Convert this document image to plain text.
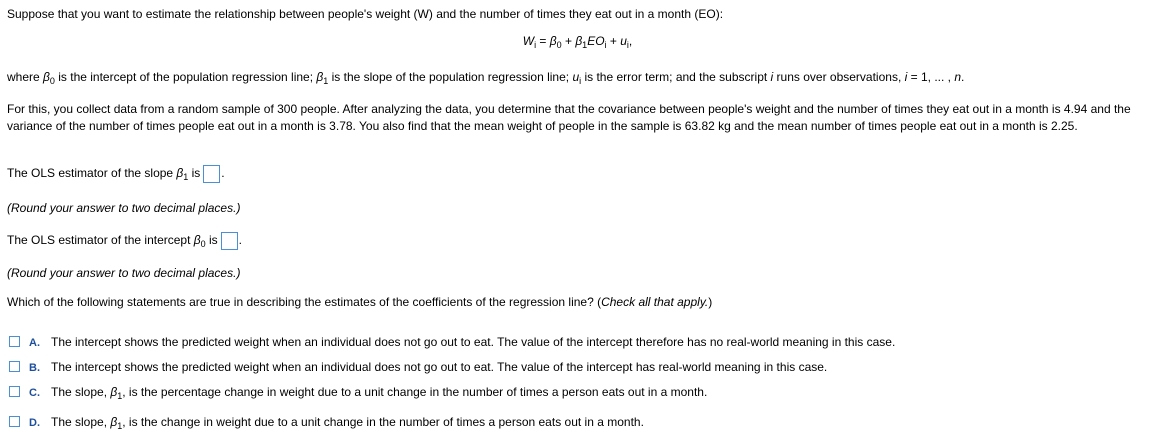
Suppose that you want to estimate the relationship between people's weight (W) and the number of times they eat out in a month (EO):
$W_i = \beta_0 + \beta_1EO_i + u_i$,
where $\beta_0$ is the intercept of the population regression line; $\beta_1$ is the slope of the population regression line; $u_i$ is the error term; and the subscript i runs over observations, i = 1, ... , n.
For this, you collect data from a random sample of 300 people. After analyzing the data, you determine that the covariance between people's weight and the number of times they eat out in a month is 4.94 and the variance of the number of times people eat out in a month is 3.78. You also find that the mean weight of people in the sample is 63.82 kg and the mean number of times people eat out in a month is 2.25.
The OLS estimator of the slope $\beta_1$ is .
(Round your answer to two decimal places.)
The OLS estimator of the intercept $\beta_0$ is .
(Round your answer to two decimal places.)
Which of the following statements are true in describing the estimates of the coefficients of the regression line? (Check all that apply.)
A. The intercept shows the predicted weight when an individual does not go out to eat. The value of the intercept therefore has no real-world meaning in this case.
B. The intercept shows the predicted weight when an individual does not go out to eat. The value of the intercept has real-world meaning in this case.
C. The slope, $\beta_1$, is the percentage change in weight due to a unit change in the number of times a person eats out in a month.
D. The slope, $\beta_1$, is the change in weight due to a unit change in the number of times a person eats out in a month.
